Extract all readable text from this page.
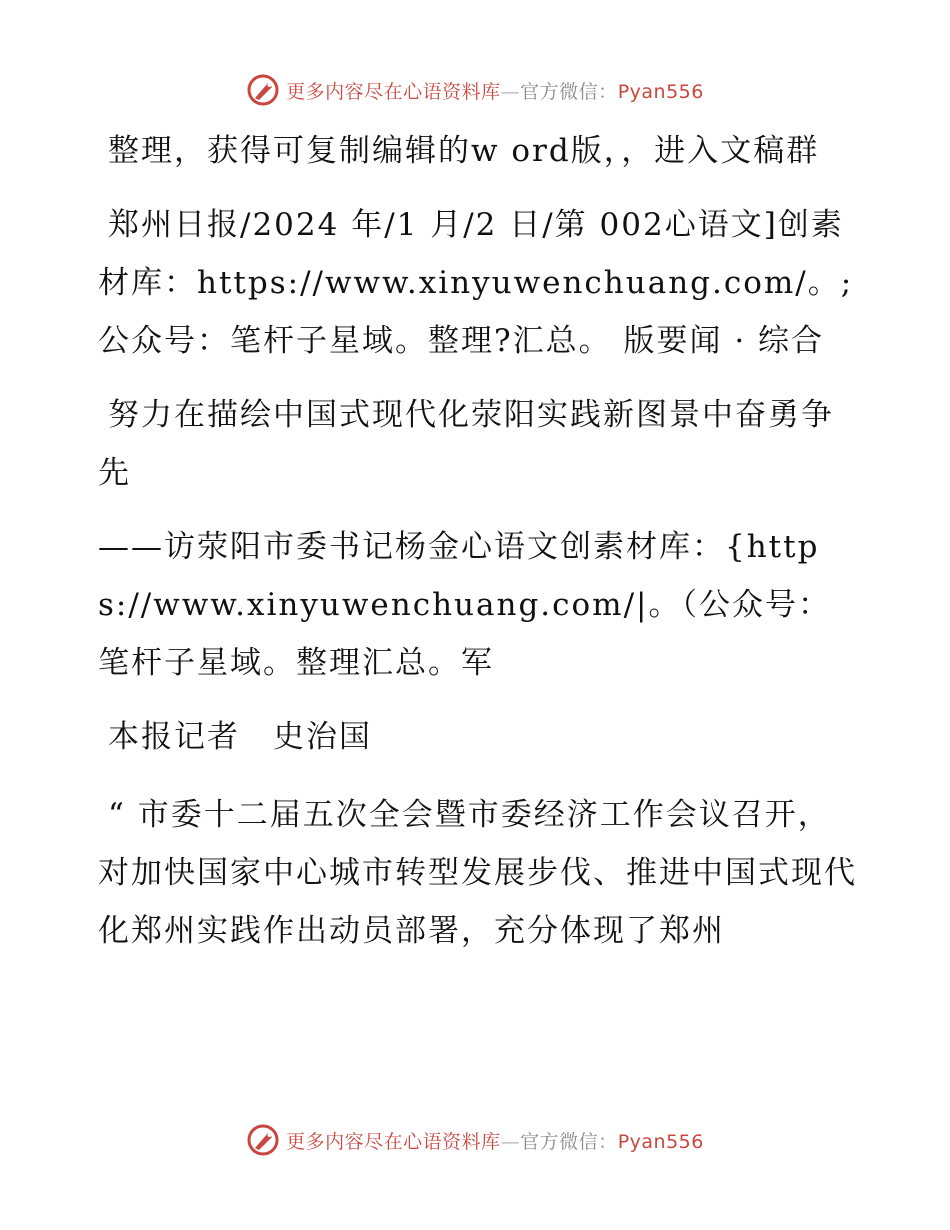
更多内容尽在心语资料库—官方微信：Pyan556

整理，获得可复制编辑的w ord版，，进入文稿群

郑州日报/2024 年/1 月/2 日/第 002心语文]创素材库：https://www.xinyuwenchuang.com/。;公众号：笔杆子星域。整理?汇总。 版要闻 · 综合

努力在描绘中国式现代化荥阳实践新图景中奋勇争先

——访荥阳市委书记杨金心语文创素材库：{https://www.xinyuwenchuang.com/|。（公众号：笔杆子星域。整理汇总。军

本报记者　史治国

“ 市委十二届五次全会暨市委经济工作会议召开，对加快国家中心城市转型发展步伐、推进中国式现代化郑州实践作出动员部署，充分体现了郑州

更多内容尽在心语资料库—官方微信：Pyan556
